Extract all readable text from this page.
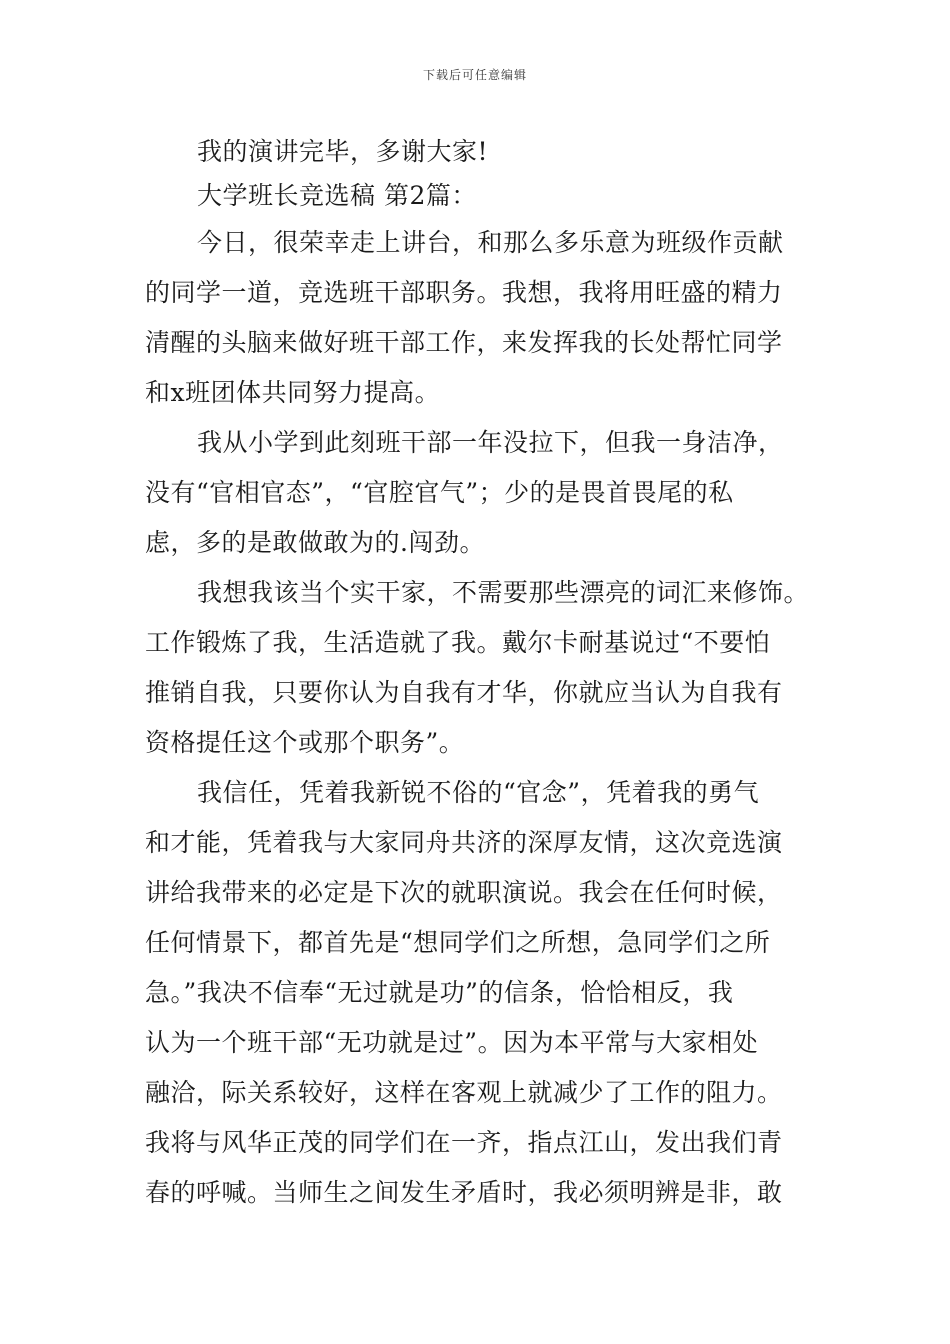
下载后可任意编辑
我的演讲完毕，多谢大家!
大学班长竞选稿 第2篇：
今日，很荣幸走上讲台，和那么多乐意为班级作贡献
的同学一道，竞选班干部职务。我想，我将用旺盛的精力
清醒的头脑来做好班干部工作，来发挥我的长处帮忙同学
和x班团体共同努力提高。
我从小学到此刻班干部一年没拉下，但我一身洁净，
没有“官相官态”，“官腔官气”；少的是畏首畏尾的私
虑，多的是敢做敢为的.闯劲。
我想我该当个实干家，不需要那些漂亮的词汇来修饰。
工作锻炼了我，生活造就了我。戴尔卡耐基说过“不要怕
推销自我，只要你认为自我有才华，你就应当认为自我有
资格提任这个或那个职务”。
我信任，凭着我新锐不俗的“官念”，凭着我的勇气
和才能，凭着我与大家同舟共济的深厚友情，这次竞选演
讲给我带来的必定是下次的就职演说。我会在任何时候，
任何情景下，都首先是“想同学们之所想，急同学们之所
急。”我决不信奉“无过就是功”的信条，恰恰相反，我
认为一个班干部“无功就是过”。因为本平常与大家相处
融洽，际关系较好，这样在客观上就减少了工作的阻力。
我将与风华正茂的同学们在一齐，指点江山，发出我们青
春的呼喊。当师生之间发生矛盾时，我必须明辨是非，敢
